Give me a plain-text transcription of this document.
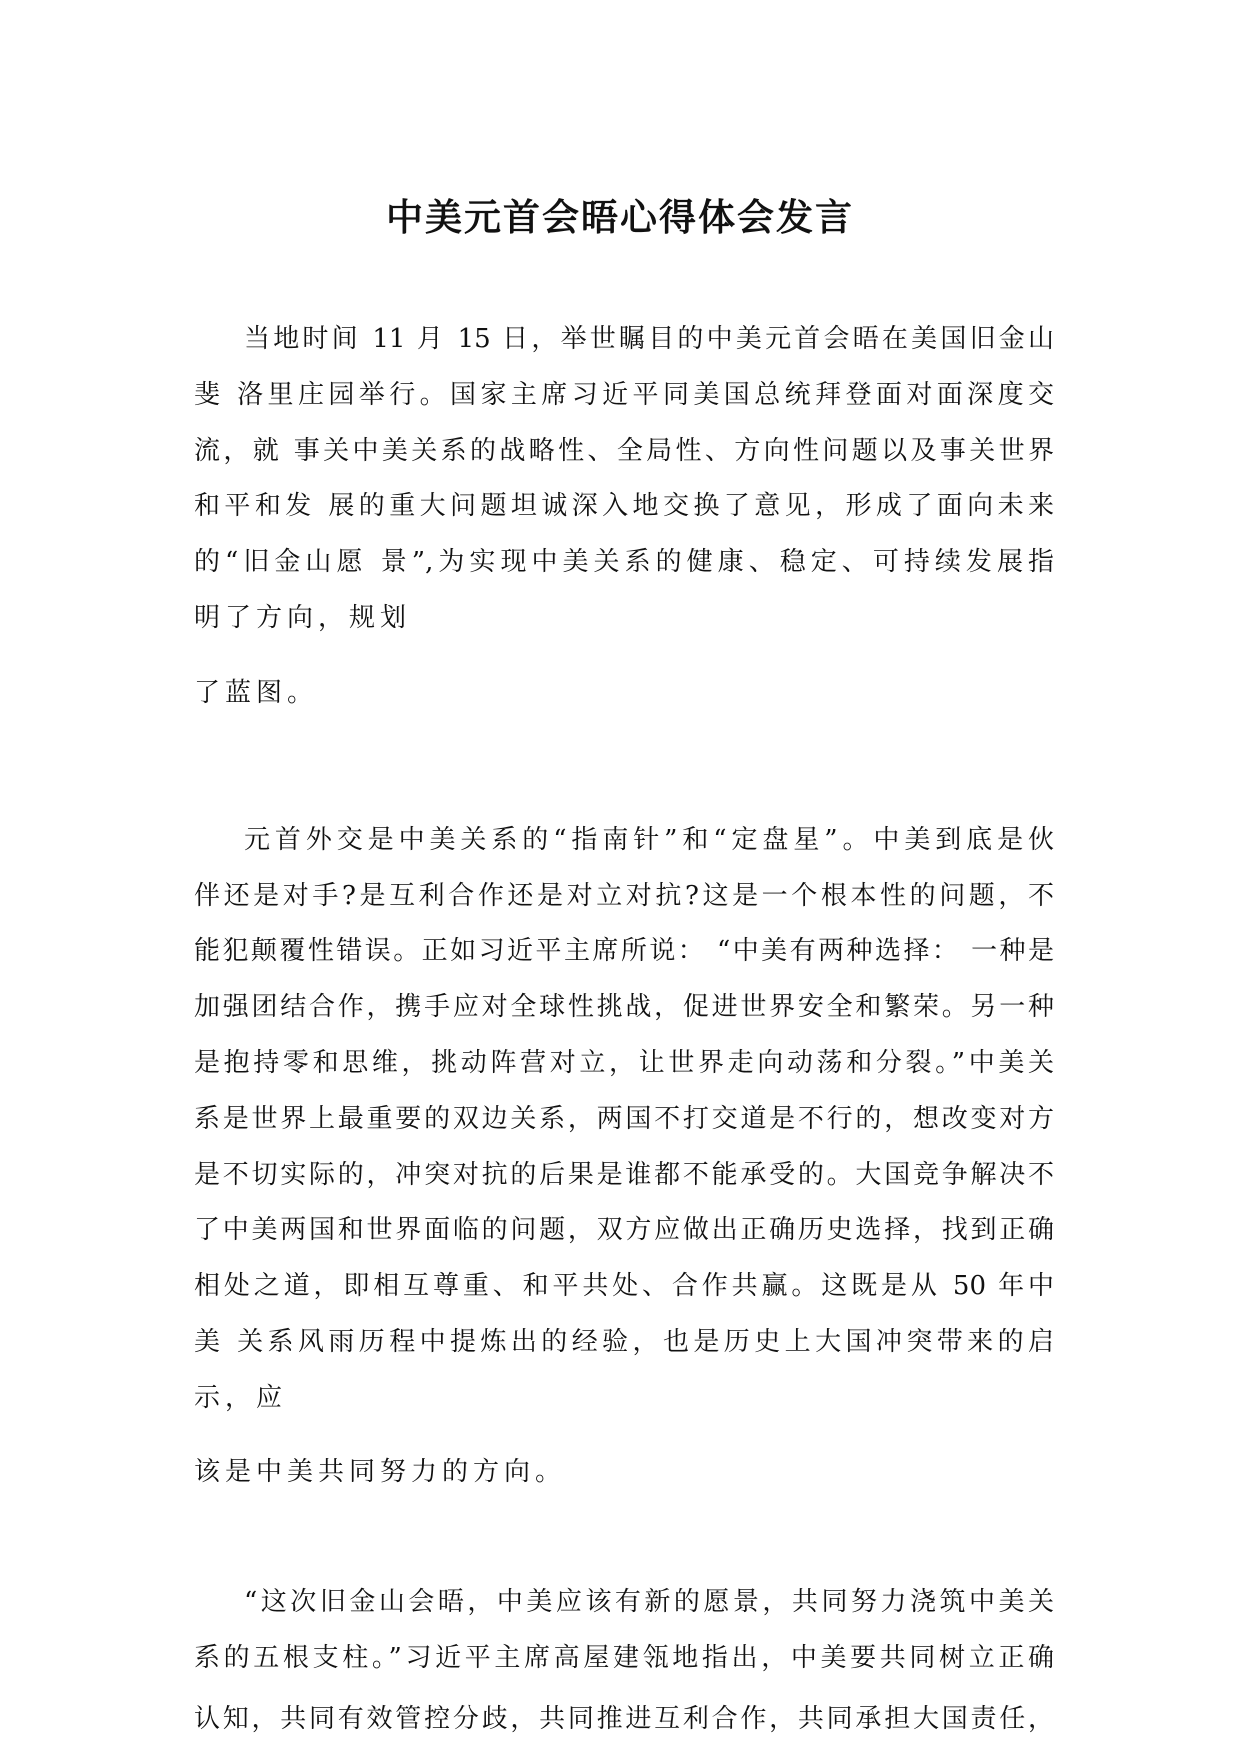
中美元首会晤心得体会发言

当地时间 11 月 15 日，举世瞩目的中美元首会晤在美国旧金山

斐 洛里庄园举行。国家主席习近平同美国总统拜登面对面深度交

流，就 事关中美关系的战略性、全局性、方向性问题以及事关世界

和平和发 展的重大问题坦诚深入地交换了意见，形成了面向未来

的“旧金山愿 景”,为实现中美关系的健康、稳定、可持续发展指

明了方向，规划

了蓝图。

元首外交是中美关系的“指南针”和“定盘星”。中美到底是伙

伴还是对手?是互利合作还是对立对抗?这是一个根本性的问题，不

能犯颠覆性错误。正如习近平主席所说： “中美有两种选择： 一种是

加强团结合作，携手应对全球性挑战，促进世界安全和繁荣。另一种

是抱持零和思维，挑动阵营对立，让世界走向动荡和分裂。”中美关

系是世界上最重要的双边关系，两国不打交道是不行的，想改变对方

是不切实际的，冲突对抗的后果是谁都不能承受的。大国竞争解决不

了中美两国和世界面临的问题，双方应做出正确历史选择，找到正确

相处之道，即相互尊重、和平共处、合作共赢。这既是从 50 年中

美 关系风雨历程中提炼出的经验，也是历史上大国冲突带来的启

示，应

该是中美共同努力的方向。

“这次旧金山会晤，中美应该有新的愿景，共同努力浇筑中美关

系的五根支柱。”习近平主席高屋建瓴地指出，中美要共同树立正确

认知，共同有效管控分歧，共同推进互利合作，共同承担大国责任，
